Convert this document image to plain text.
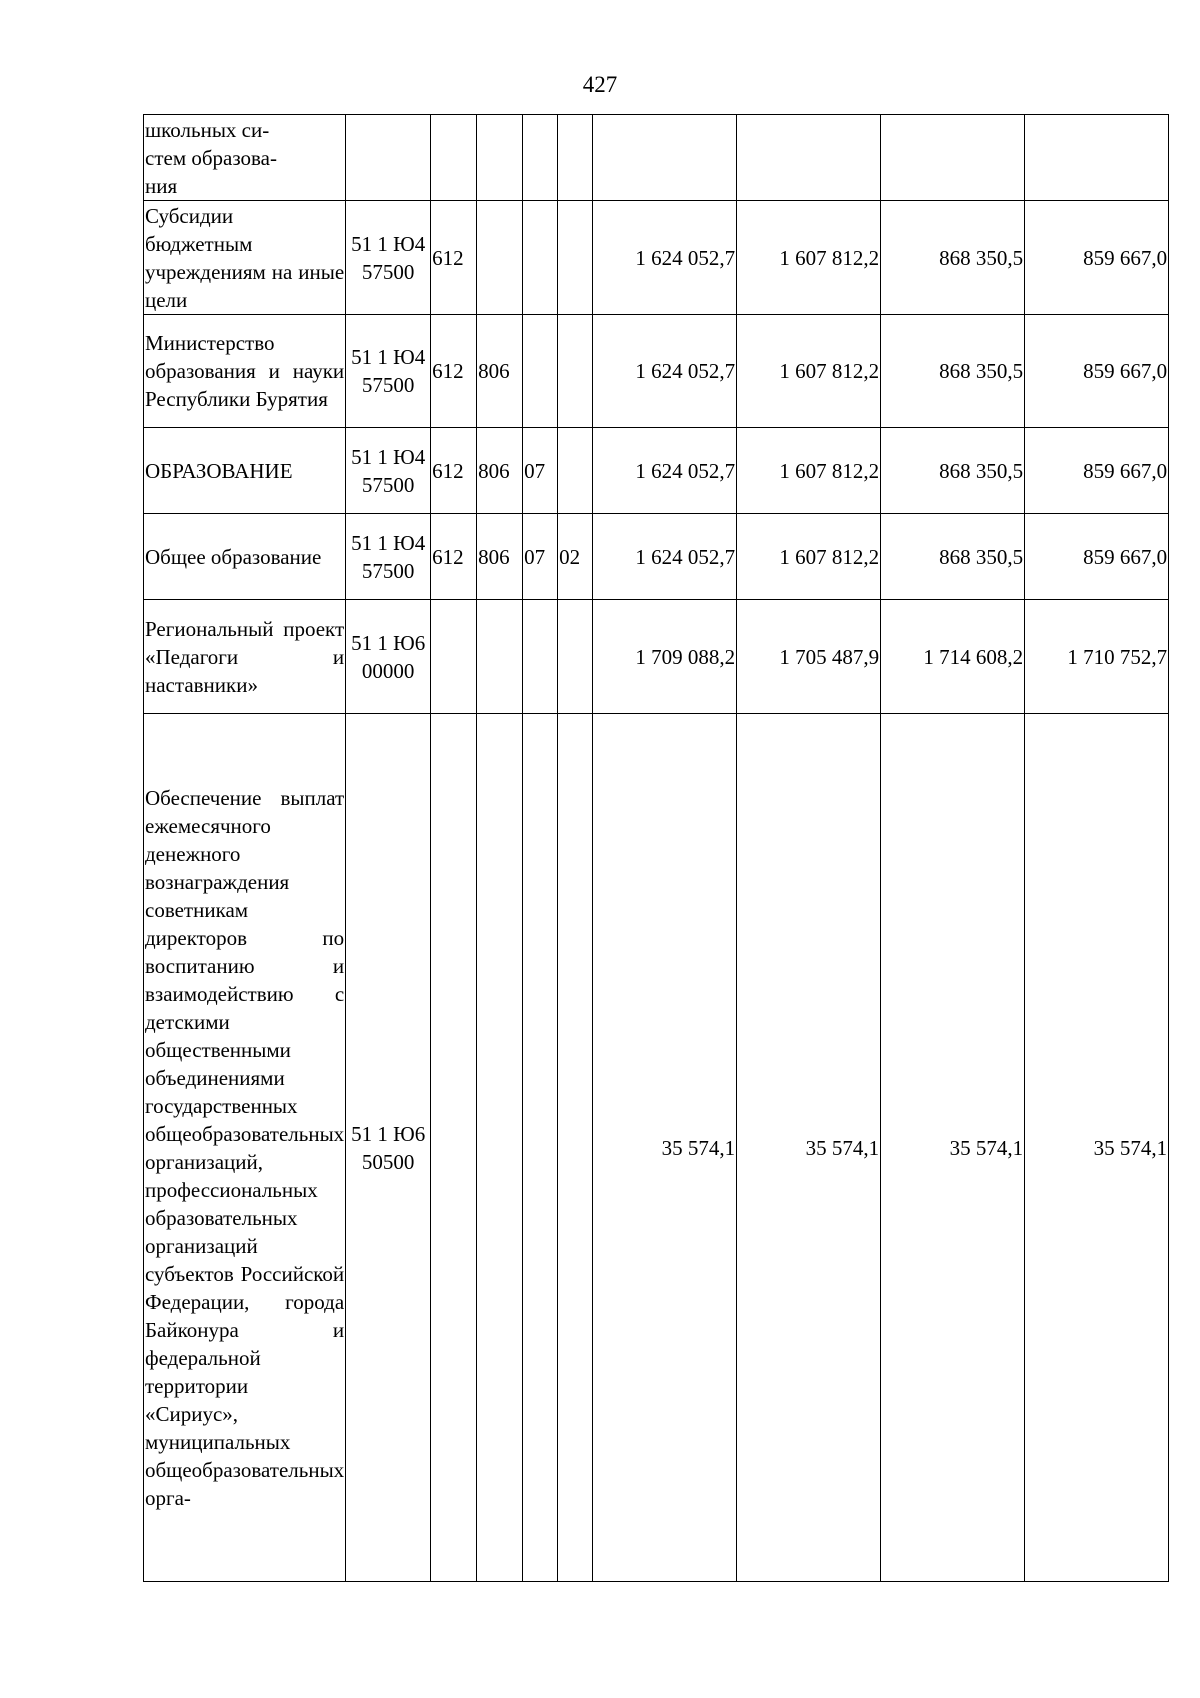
427
школьных си-
стем образова-
ния									
Субсидии бюджетным учреждениям на иные цели	51 1 Ю4 57500	612				1 624 052,7	1 607 812,2	868 350,5	859 667,0
Министерство образования и науки Республики Бурятия	51 1 Ю4 57500	612	806			1 624 052,7	1 607 812,2	868 350,5	859 667,0
ОБРАЗОВАНИЕ	51 1 Ю4 57500	612	806	07		1 624 052,7	1 607 812,2	868 350,5	859 667,0
Общее образование	51 1 Ю4 57500	612	806	07	02	1 624 052,7	1 607 812,2	868 350,5	859 667,0
Региональный проект «Педагоги и наставники»	51 1 Ю6 00000					1 709 088,2	1 705 487,9	1 714 608,2	1 710 752,7
Обеспечение выплат ежемесячного денежного вознаграждения советникам директоров по воспитанию и взаимодействию с детскими общественными объединениями государственных общеобразовательных организаций, профессиональных образовательных организаций субъектов Российской Федерации, города Байконура и федеральной территории «Сириус», муниципальных общеобразовательных орга-	51 1 Ю6 50500					35 574,1	35 574,1	35 574,1	35 574,1
